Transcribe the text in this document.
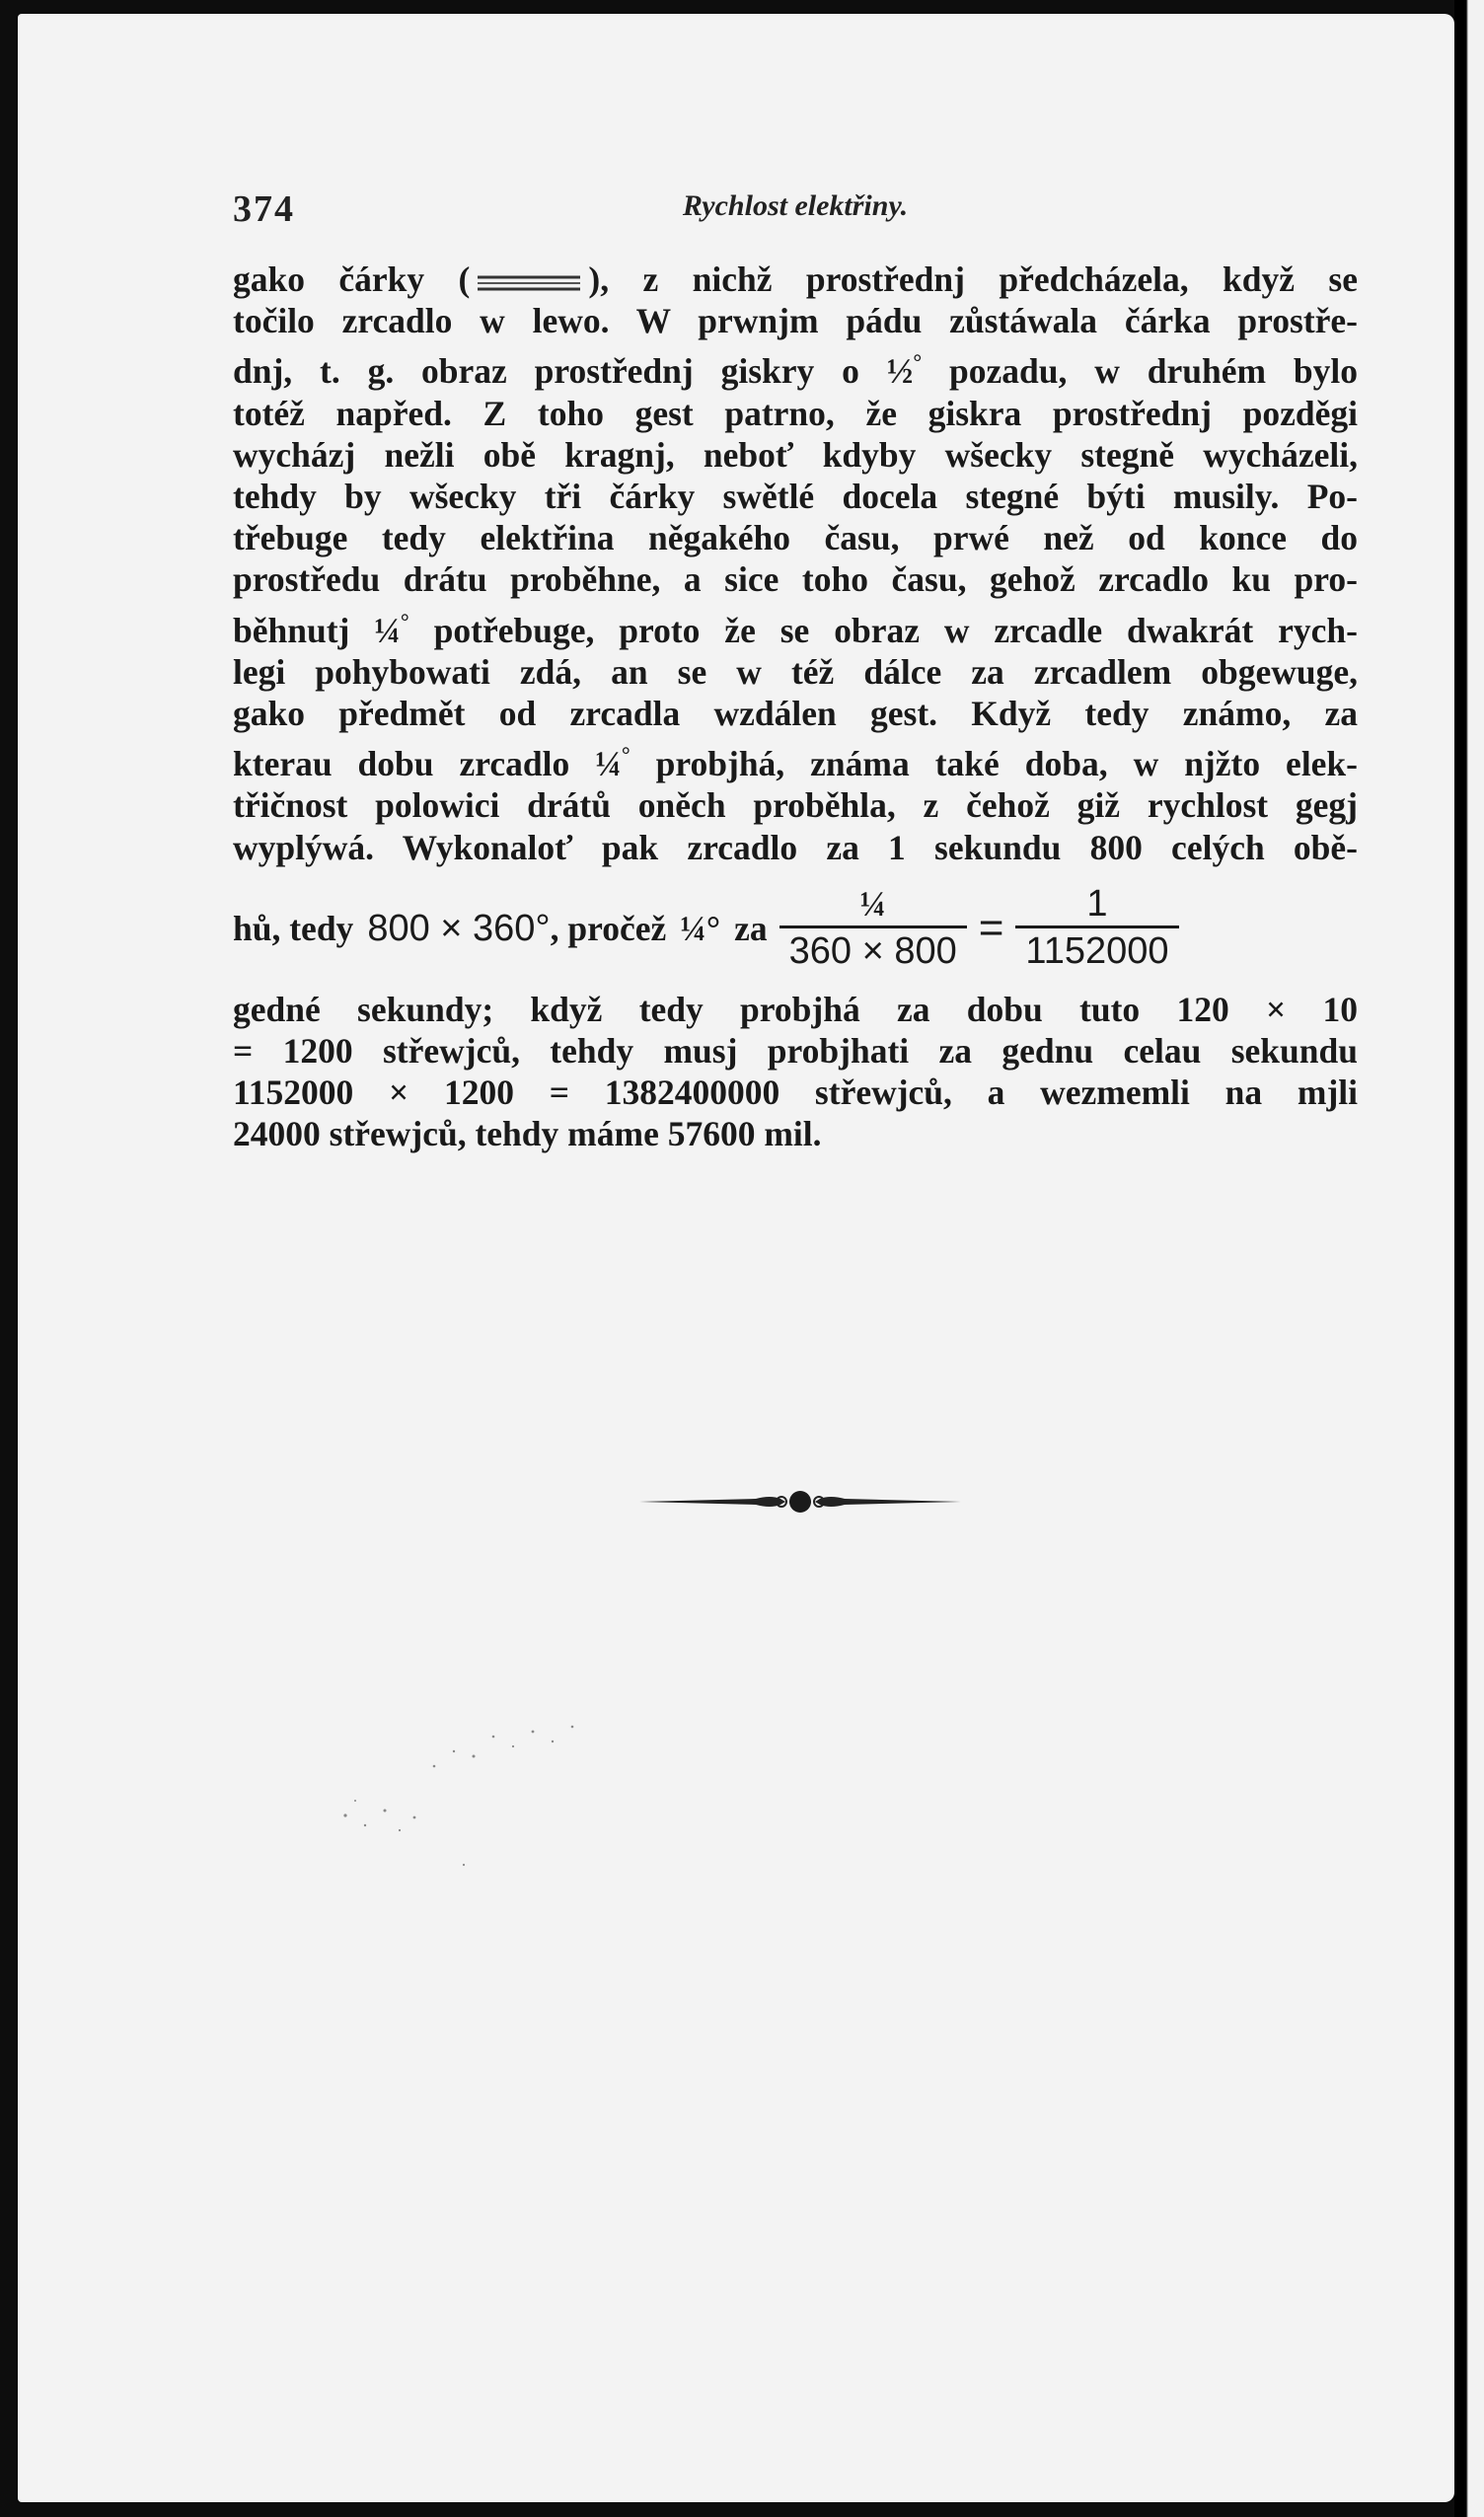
374	Rychlost elektřiny.
gako čárky (	), z nichž prostřednj předcházela, když se
točilo zrcadlo w lewo. W prwnjm pádu zůstáwala čárka prostře-
dnj, t. g. obraz prostřednj giskry o ½° pozadu, w druhém bylo
totéž napřed. Z toho gest patrno, že giskra prostřednj pozděgi
wycházj nežli obě kragnj, neboť kdyby wšecky stegně wycházeli,
tehdy by wšecky tři čárky swětlé docela stegné býti musily. Po-
třebuge tedy elektřina něgakého času, prwé než od konce do
prostředu drátu proběhne, a sice toho času, gehož zrcadlo ku pro-
běhnutj ¼° potřebuge, proto že se obraz w zrcadle dwakrát rych-
legi pohybowati zdá, an se w též dálce za zrcadlem obgewuge,
gako předmět od zrcadla wzdálen gest. Když tedy známo, za
kterau dobu zrcadlo ¼° probjhá, známa také doba, w njžto elek-
třičnost polowici drátů oněch proběhla, z čehož giž rychlost gegj
wyplýwá. Wykonaloť pak zrcadlo za 1 sekundu 800 celých obě-
hů, tedy 800 × 360° , pročež ¼° za $\frac{\text{¼}}{360 \times 800} = \frac{1}{1152000}$
gedné sekundy; když tedy probjhá za dobu tuto 120 × 10
= 1200 střewjců, tehdy musj probjhati za gednu celau sekundu
1152000 × 1200 = 1382400000 střewjců, a wezmemli na mjli
24000 střewjců, tehdy máme 57600 mil.
